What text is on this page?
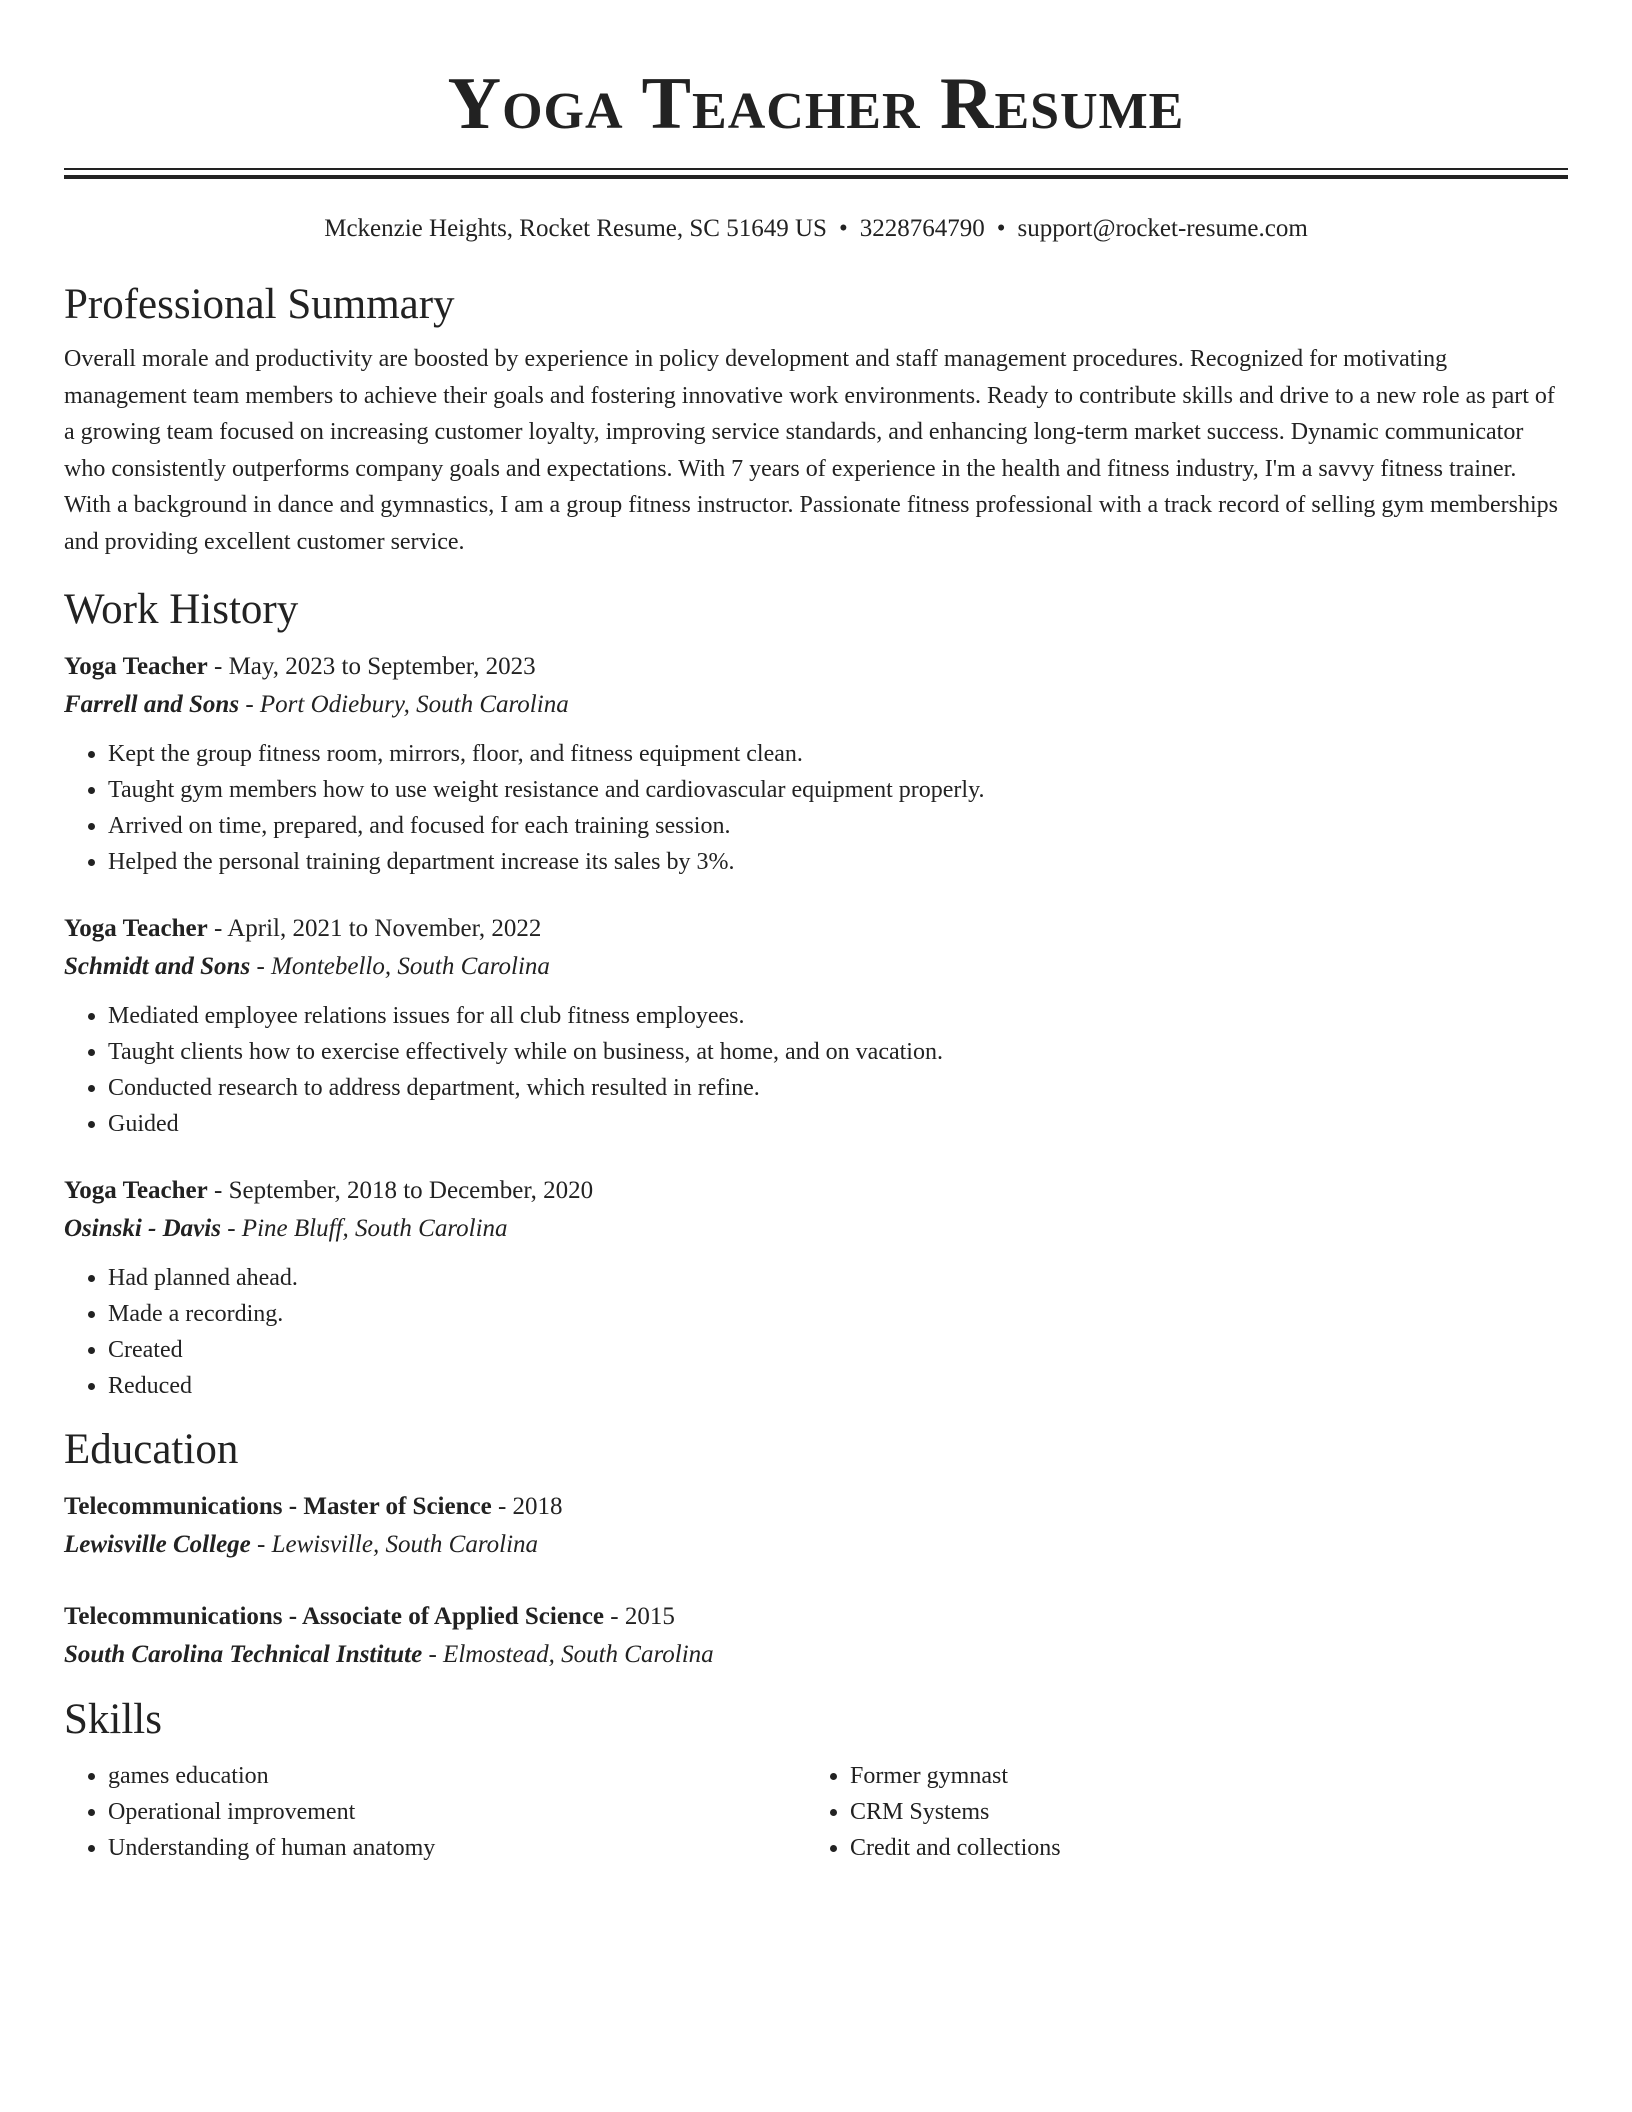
Yoga Teacher Resume
Mckenzie Heights, Rocket Resume, SC 51649 US • 3228764790 • support@rocket-resume.com
Professional Summary

Overall morale and productivity are boosted by experience in policy development and staff management procedures. Recognized for motivating management team members to achieve their goals and fostering innovative work environments. Ready to contribute skills and drive to a new role as part of a growing team focused on increasing customer loyalty, improving service standards, and enhancing long-term market success. Dynamic communicator who consistently outperforms company goals and expectations. With 7 years of experience in the health and fitness industry, I'm a savvy fitness trainer. With a background in dance and gymnastics, I am a group fitness instructor. Passionate fitness professional with a track record of selling gym memberships and providing excellent customer service.

Work History
Yoga Teacher - May, 2023 to September, 2023
Farrell and Sons - Port Odiebury, South Carolina
• Kept the group fitness room, mirrors, floor, and fitness equipment clean.
• Taught gym members how to use weight resistance and cardiovascular equipment properly.
• Arrived on time, prepared, and focused for each training session.
• Helped the personal training department increase its sales by 3%.
Yoga Teacher - April, 2021 to November, 2022
Schmidt and Sons - Montebello, South Carolina
• Mediated employee relations issues for all club fitness employees.
• Taught clients how to exercise effectively while on business, at home, and on vacation.
• Conducted research to address department, which resulted in refine.
• Guided
Yoga Teacher - September, 2018 to December, 2020
Osinski - Davis - Pine Bluff, South Carolina
• Had planned ahead.
• Made a recording.
• Created
• Reduced
Education
Telecommunications - Master of Science - 2018
Lewisville College - Lewisville, South Carolina
Telecommunications - Associate of Applied Science - 2015
South Carolina Technical Institute - Elmostead, South Carolina
Skills
• games education
• Operational improvement
• Understanding of human anatomy
• Former gymnast
• CRM Systems
• Credit and collections
